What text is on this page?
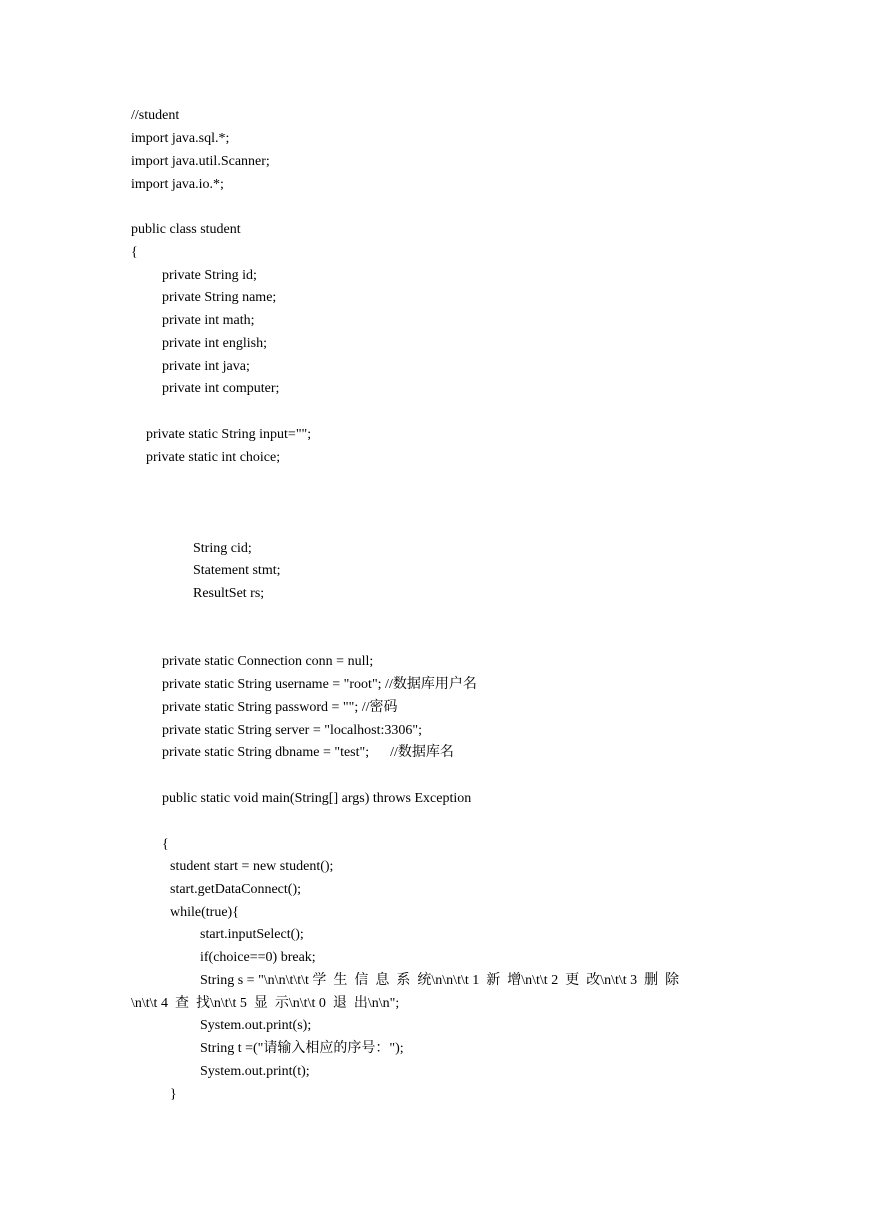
//student
import java.sql.*;
import java.util.Scanner;
import java.io.*;
public class student
{
private String id;
private String name;
private int math;
private int english;
private int java;
private int computer;
private static String input="";
private static int choice;
String cid;
Statement stmt;
ResultSet rs;
private static Connection conn = null;
private static String username = "root"; //数据库用户名
private static String password = ""; //密码
private static String server = "localhost:3306";
private static String dbname = "test";      //数据库名
public static void main(String[] args) throws Exception
{
student start = new student();
start.getDataConnect();
while(true){
start.inputSelect();
if(choice==0) break;
String s = "\n\n\t\t\t 学  生  信  息  系  统\n\n\t\t 1  新  增\n\t\t 2  更  改\n\t\t 3  删  除
\n\t\t 4  查  找\n\t\t 5  显  示\n\t\t 0  退  出\n\n";
System.out.print(s);
String t =("请输入相应的序号：");
System.out.print(t);
}
